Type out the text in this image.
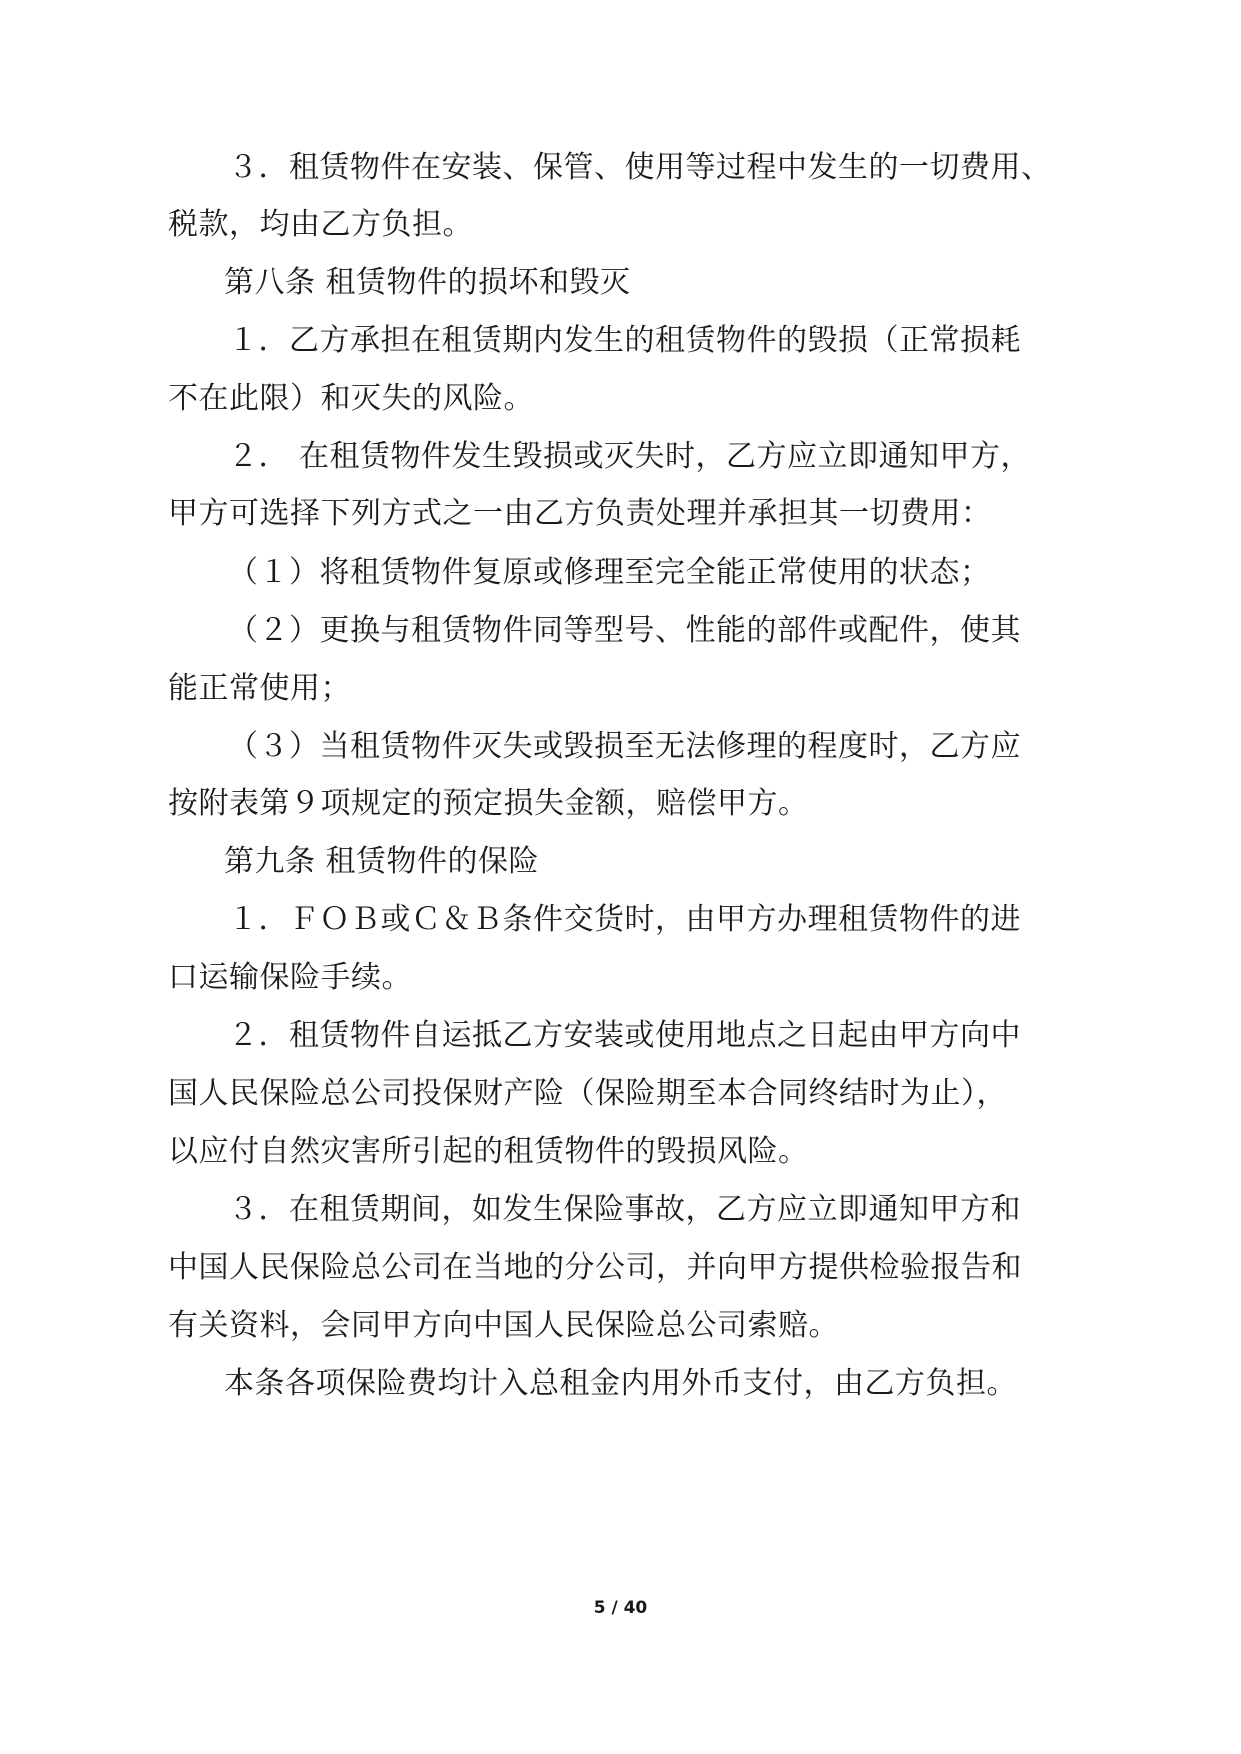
３．租赁物件在安装、保管、使用等过程中发生的一切费用、
税款，均由乙方负担。
第八条 租赁物件的损坏和毁灭
１．乙方承担在租赁期内发生的租赁物件的毁损（正常损耗
不在此限）和灭失的风险。
２． 在租赁物件发生毁损或灭失时，乙方应立即通知甲方，
甲方可选择下列方式之一由乙方负责处理并承担其一切费用：
（１）将租赁物件复原或修理至完全能正常使用的状态；
（２）更换与租赁物件同等型号、性能的部件或配件，使其
能正常使用；
（３）当租赁物件灭失或毁损至无法修理的程度时，乙方应
按附表第９项规定的预定损失金额，赔偿甲方。
第九条 租赁物件的保险
１．ＦＯＢ或Ｃ＆Ｂ条件交货时，由甲方办理租赁物件的进
口运输保险手续。
２．租赁物件自运抵乙方安装或使用地点之日起由甲方向中
国人民保险总公司投保财产险（保险期至本合同终结时为止），
以应付自然灾害所引起的租赁物件的毁损风险。
３．在租赁期间，如发生保险事故，乙方应立即通知甲方和
中国人民保险总公司在当地的分公司，并向甲方提供检验报告和
有关资料，会同甲方向中国人民保险总公司索赔。
本条各项保险费均计入总租金内用外币支付，由乙方负担。
5 / 40
